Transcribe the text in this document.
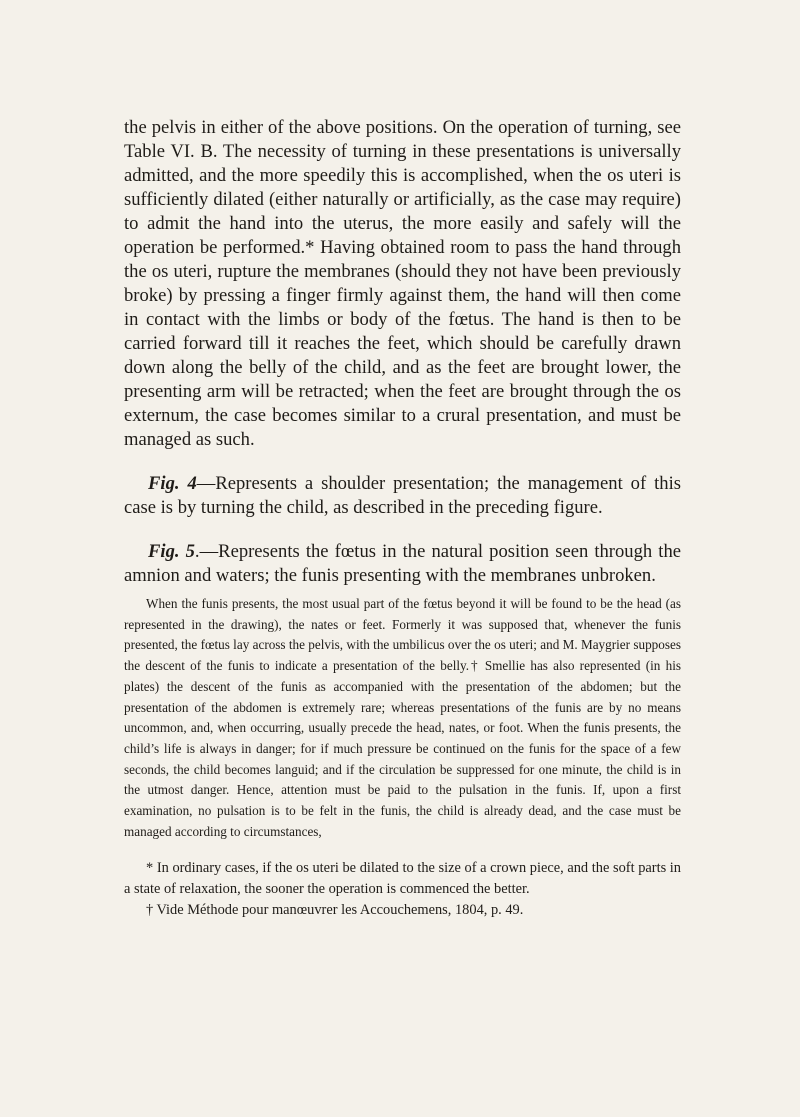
the pelvis in either of the above positions. On the operation of turning, see Table VI. B. The necessity of turning in these presentations is universally admitted, and the more speedily this is accomplished, when the os uteri is sufficiently dilated (either naturally or artificially, as the case may require) to admit the hand into the uterus, the more easily and safely will the operation be performed.* Having obtained room to pass the hand through the os uteri, rupture the membranes (should they not have been previously broke) by pressing a finger firmly against them, the hand will then come in contact with the limbs or body of the fœtus. The hand is then to be carried forward till it reaches the feet, which should be carefully drawn down along the belly of the child, and as the feet are brought lower, the presenting arm will be retracted; when the feet are brought through the os externum, the case becomes similar to a crural presentation, and must be managed as such.

Fig. 4—Represents a shoulder presentation; the management of this case is by turning the child, as described in the preceding figure.

Fig. 5.—Represents the fœtus in the natural position seen through the amnion and waters; the funis presenting with the membranes unbroken.

When the funis presents, the most usual part of the fœtus beyond it will be found to be the head (as represented in the drawing), the nates or feet. Formerly it was supposed that, whenever the funis presented, the fœtus lay across the pelvis, with the umbilicus over the os uteri; and M. Maygrier supposes the descent of the funis to indicate a presentation of the belly.† Smellie has also represented (in his plates) the descent of the funis as accompanied with the presentation of the abdomen; but the presentation of the abdomen is extremely rare; whereas presentations of the funis are by no means uncommon, and, when occurring, usually precede the head, nates, or foot. When the funis presents, the child’s life is always in danger; for if much pressure be continued on the funis for the space of a few seconds, the child becomes languid; and if the circulation be suppressed for one minute, the child is in the utmost danger. Hence, attention must be paid to the pulsation in the funis. If, upon a first examination, no pulsation is to be felt in the funis, the child is already dead, and the case must be managed according to circumstances,

* In ordinary cases, if the os uteri be dilated to the size of a crown piece, and the soft parts in a state of relaxation, the sooner the operation is commenced the better.

† Vide Méthode pour manœuvrer les Accouchemens, 1804, p. 49.
